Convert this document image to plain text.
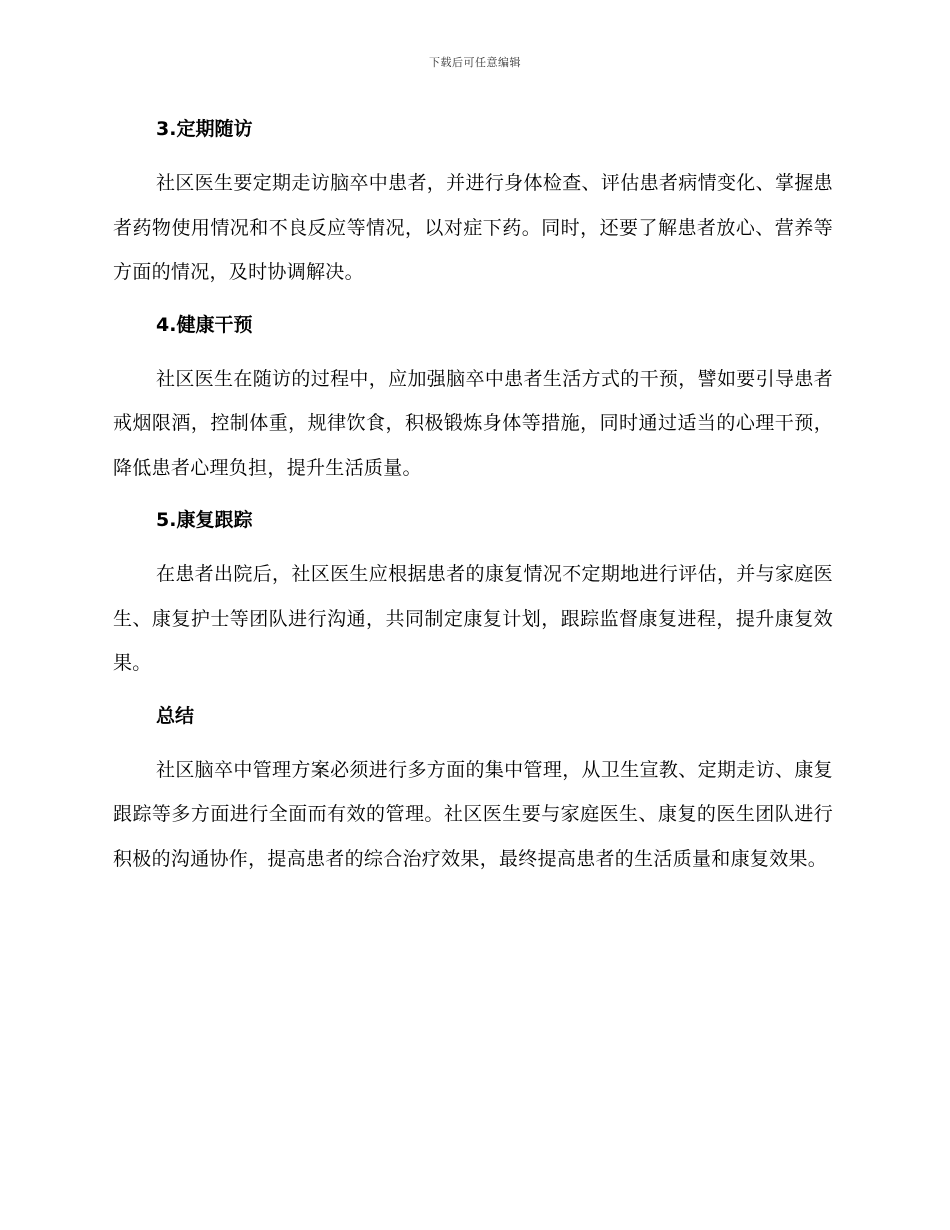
下载后可任意编辑
3.定期随访

社区医生要定期走访脑卒中患者，并进行身体检查、评估患者病情变化、掌握患者药物使用情况和不良反应等情况，以对症下药。同时，还要了解患者放心、营养等方面的情况，及时协调解决。

4.健康干预

社区医生在随访的过程中，应加强脑卒中患者生活方式的干预，譬如要引导患者戒烟限酒，控制体重，规律饮食，积极锻炼身体等措施，同时通过适当的心理干预，降低患者心理负担，提升生活质量。

5.康复跟踪

在患者出院后，社区医生应根据患者的康复情况不定期地进行评估，并与家庭医生、康复护士等团队进行沟通，共同制定康复计划，跟踪监督康复进程，提升康复效果。

总结

社区脑卒中管理方案必须进行多方面的集中管理，从卫生宣教、定期走访、康复跟踪等多方面进行全面而有效的管理。社区医生要与家庭医生、康复的医生团队进行积极的沟通协作，提高患者的综合治疗效果，最终提高患者的生活质量和康复效果。
